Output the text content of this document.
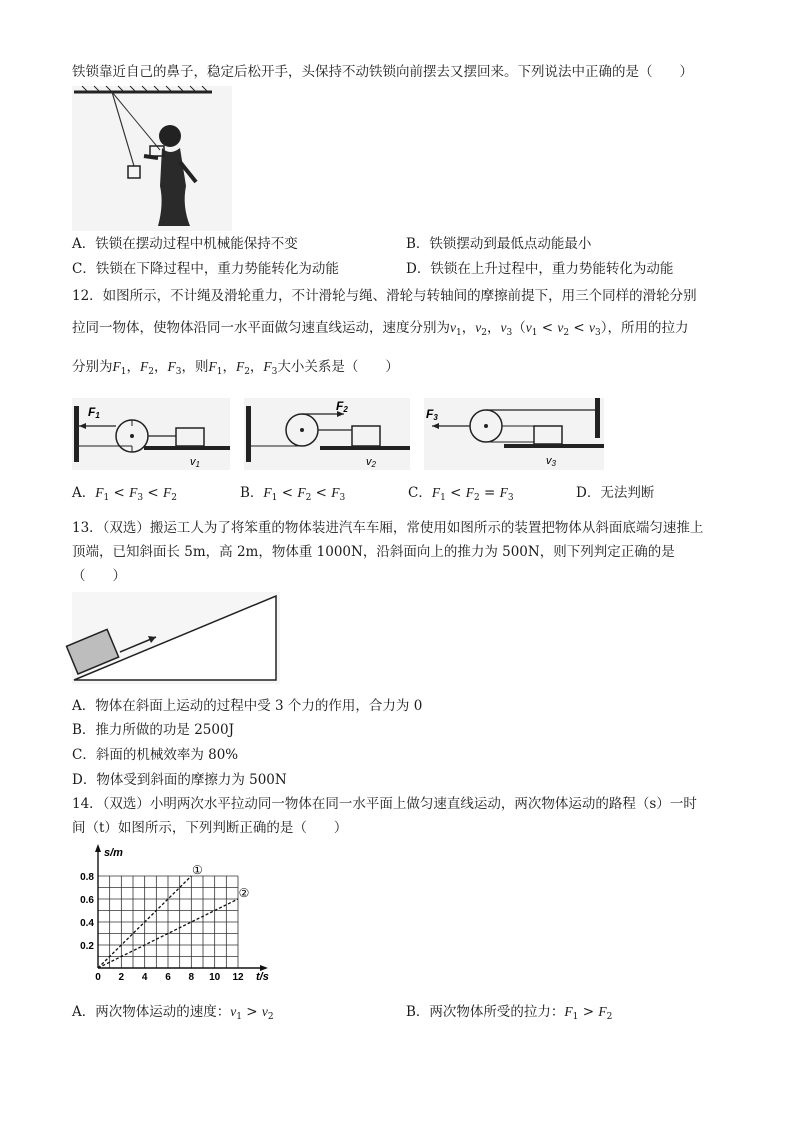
铁锁靠近自己的鼻子，稳定后松开手，头保持不动铁锁向前摆去又摆回来。下列说法中正确的是（　　）
A．铁锁在摆动过程中机械能保持不变	B．铁锁摆动到最低点动能最小
C．铁锁在下降过程中，重力势能转化为动能	D．铁锁在上升过程中，重力势能转化为动能
12．如图所示，不计绳及滑轮重力，不计滑轮与绳、滑轮与转轴间的摩擦前提下，用三个同样的滑轮分别
拉同一物体，使物体沿同一水平面做匀速直线运动，速度分别为$v_1$，$v_2$，$v_3(v_1 < v_2 < v_3)$，所用的拉力
分别为$F_1$，$F_2$，$F_3$，则$F_1$，$F_2$，$F_3$大小关系是（　　）
F1
v1
F2
v2
F3
v3
A．$F_1 < F_3 < F_2$	B．$F_1 < F_2 < F_3$	C．$F_1 < F_2 = F_3$	D．无法判断
13．（双选）搬运工人为了将笨重的物体装进汽车车厢，常使用如图所示的装置把物体从斜面底端匀速推上
顶端，已知斜面长 5m，高 2m，物体重 1000N，沿斜面向上的推力为 500N，则下列判定正确的是
（　　）
A．物体在斜面上运动的过程中受 3 个力的作用，合力为 0
B．推力所做的功是 2500J
C．斜面的机械效率为 80%
D．物体受到斜面的摩擦力为 500N
14．（双选）小明两次水平拉动同一物体在同一水平面上做匀速直线运动，两次物体运动的路程（s）一时
间（t）如图所示，下列判断正确的是（　　）
s/m
t/s
0 2 4 6 8 10 12
0.2
0.4
0.6
0.8
①
②
A．两次物体运动的速度：$v_1 > v_2$	B．两次物体所受的拉力：$F_1 > F_2$
